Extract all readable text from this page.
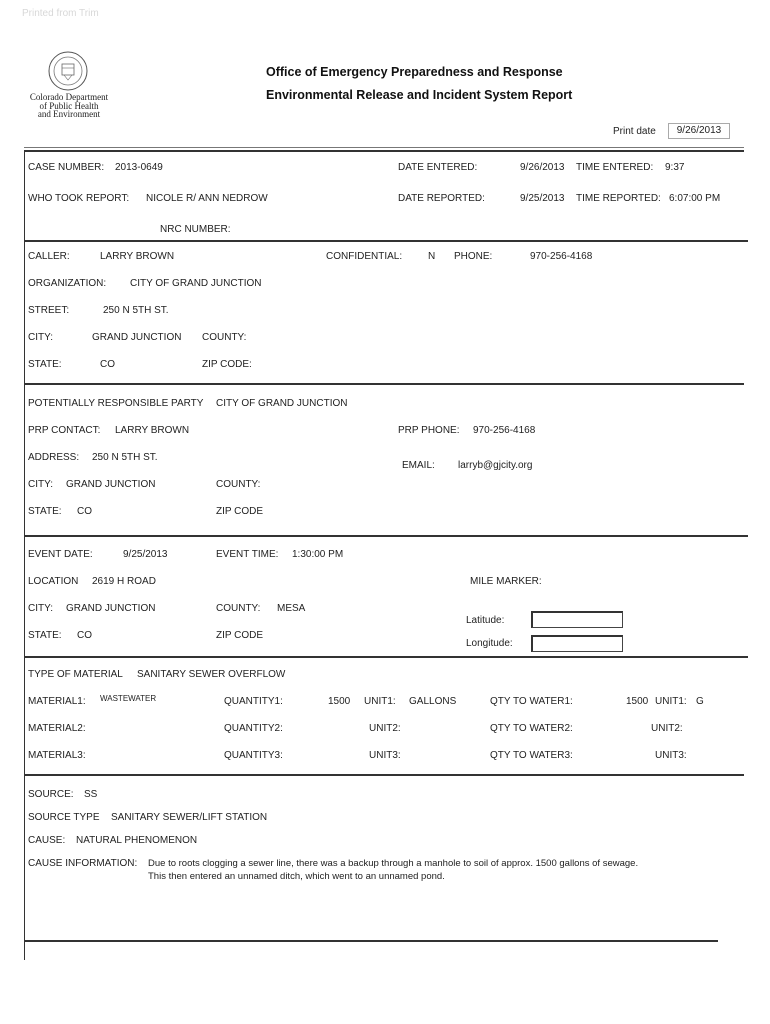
Printed from Trim
Colorado Department
of Public Health
and Environment
Office of Emergency Preparedness and Response
Environmental Release and Incident System Report
Print date	9/26/2013
CASE NUMBER: 2013-0649	DATE ENTERED:	9/26/2013 TIME ENTERED: 9:37
WHO TOOK REPORT: NICOLE R/ ANN NEDROW	DATE REPORTED:	9/25/2013 TIME REPORTED: 6:07:00 PM
NRC NUMBER:
CALLER:	LARRY BROWN	CONFIDENTIAL:	N PHONE:	970-256-4168
ORGANIZATION: CITY OF GRAND JUNCTION
STREET:	250 N 5TH ST.
CITY:	GRAND JUNCTION COUNTY:
STATE:	CO	ZIP CODE:
POTENTIALLY RESPONSIBLE PARTY CITY OF GRAND JUNCTION
PRP CONTACT: LARRY BROWN	PRP PHONE: 970-256-4168
ADDRESS: 250 N 5TH ST.
EMAIL: larryb@gjcity.org
CITY: GRAND JUNCTION	COUNTY:
STATE: CO	ZIP CODE
EVENT DATE:	9/25/2013	EVENT TIME: 1:30:00 PM
LOCATION 2619 H ROAD	MILE MARKER:
CITY: GRAND JUNCTION	COUNTY: MESA
Latitude:
Longitude:
STATE: CO	ZIP CODE
TYPE OF MATERIAL SANITARY SEWER OVERFLOW
MATERIAL1: WASTEWATER	QUANTITY1:	1500 UNIT1: GALLONS	QTY TO WATER1:	1500 UNIT1: G
MATERIAL2:	QUANTITY2:	UNIT2:	QTY TO WATER2:	UNIT2:
MATERIAL3:	QUANTITY3:	UNIT3:	QTY TO WATER3:	UNIT3:
SOURCE: SS
SOURCE TYPE SANITARY SEWER/LIFT STATION
CAUSE: NATURAL PHENOMENON
CAUSE INFORMATION: Due to roots clogging a sewer line, there was a backup through a manhole to soil of approx. 1500 gallons of sewage.
This then entered an unnamed ditch, which went to an unnamed pond.
